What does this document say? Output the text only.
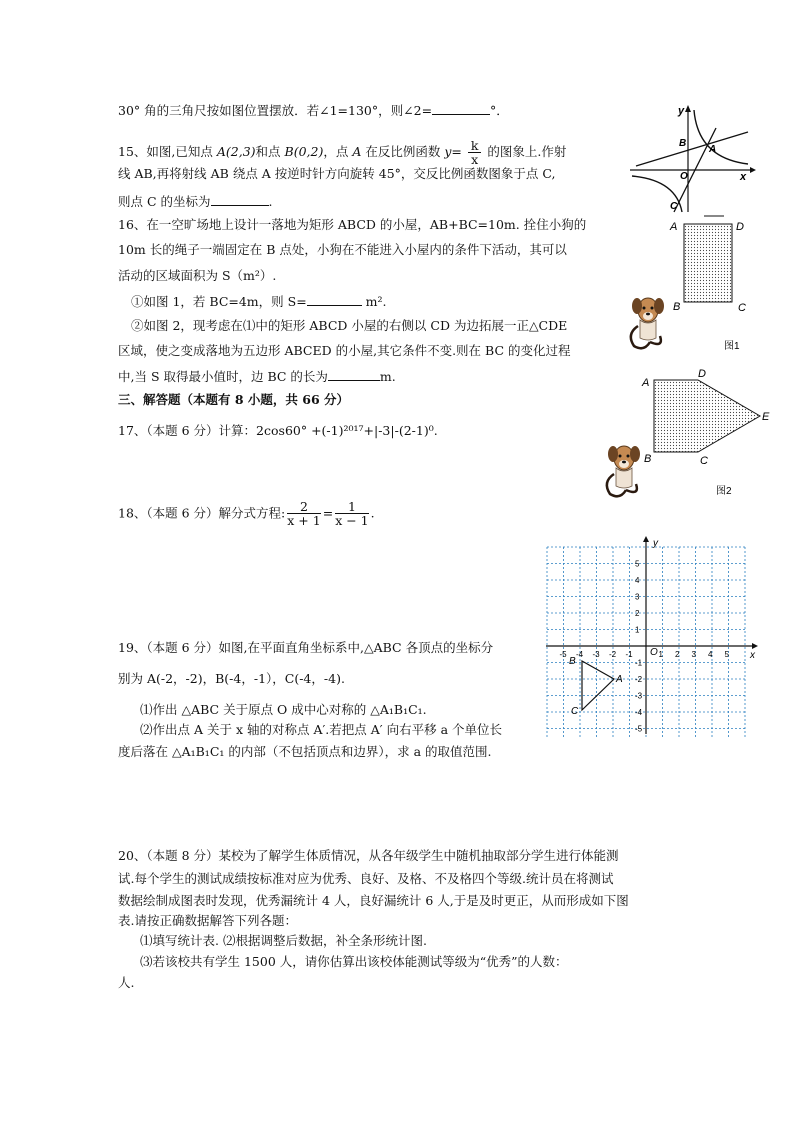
30° 角的三角尺按如图位置摆放．若∠1=130°，则∠2=	°．
15、如图,已知点 A(2,3)和点 B(0,2)，点 A 在反比例函数 $y= \frac{k}{x}$ 的图象上.作射
线 AB,再将射线 AB 绕点 A 按逆时针方向旋转 45°，交反比例函数图象于点 C,
则点 C 的坐标为	.
16、在一空旷场地上设计一落地为矩形 ABCD 的小屋，AB+BC=10m. 拴住小狗的
10m 长的绳子一端固定在 B 点处，小狗在不能进入小屋内的条件下活动，其可以
活动的区域面积为 S（m²）.
①如图 1，若 BC=4m，则 S=	m².
②如图 2，现考虑在⑴中的矩形 ABCD 小屋的右侧以 CD 为边拓展一正△CDE
区域，使之变成落地为五边形 ABCED 的小屋,其它条件不变.则在 BC 的变化过程
中,当 S 取得最小值时，边 BC 的长为	m.
三、解答题（本题有 8 小题，共 66 分）
17、（本题 6 分）计算：2cos60° +(-1)²⁰¹⁷+|-3|-(2-1)⁰.
18、（本题 6 分）解分式方程: $\frac{2}{x + 1} = \frac{1}{x - 1}$ .
19、（本题 6 分）如图,在平面直角坐标系中,△ABC 各顶点的坐标分
别为 A(-2，-2)，B(-4，-1），C(-4，-4).
⑴作出 △ABC 关于原点 O 成中心对称的 △A₁B₁C₁.
⑵作出点 A 关于 x 轴的对称点 A′.若把点 A′ 向右平移 a 个单位长
度后落在 △A₁B₁C₁ 的内部（不包括顶点和边界），求 a 的取值范围.
20、（本题 8 分）某校为了解学生体质情况，从各年级学生中随机抽取部分学生进行体能测
试.每个学生的测试成绩按标准对应为优秀、良好、及格、不及格四个等级.统计员在将测试
数据绘制成图表时发现，优秀漏统计 4 人，良好漏统计 6 人,于是及时更正，从而形成如下图
表.请按正确数据解答下列各题：
⑴填写统计表. ⑵根据调整后数据，补全条形统计图.
⑶若该校共有学生 1500 人，请你估算出该校体能测试等级为“优秀”的人数：
人.
y
x
A
B
O
C
A	D
B	C
图1
A
D
E
B	C
图2
y
x
O
-5 -4 -3 -2 -1	1 2 3 4 5
5
4
3
2
1
-1
-2
-3
-4
-5
B
A
C
